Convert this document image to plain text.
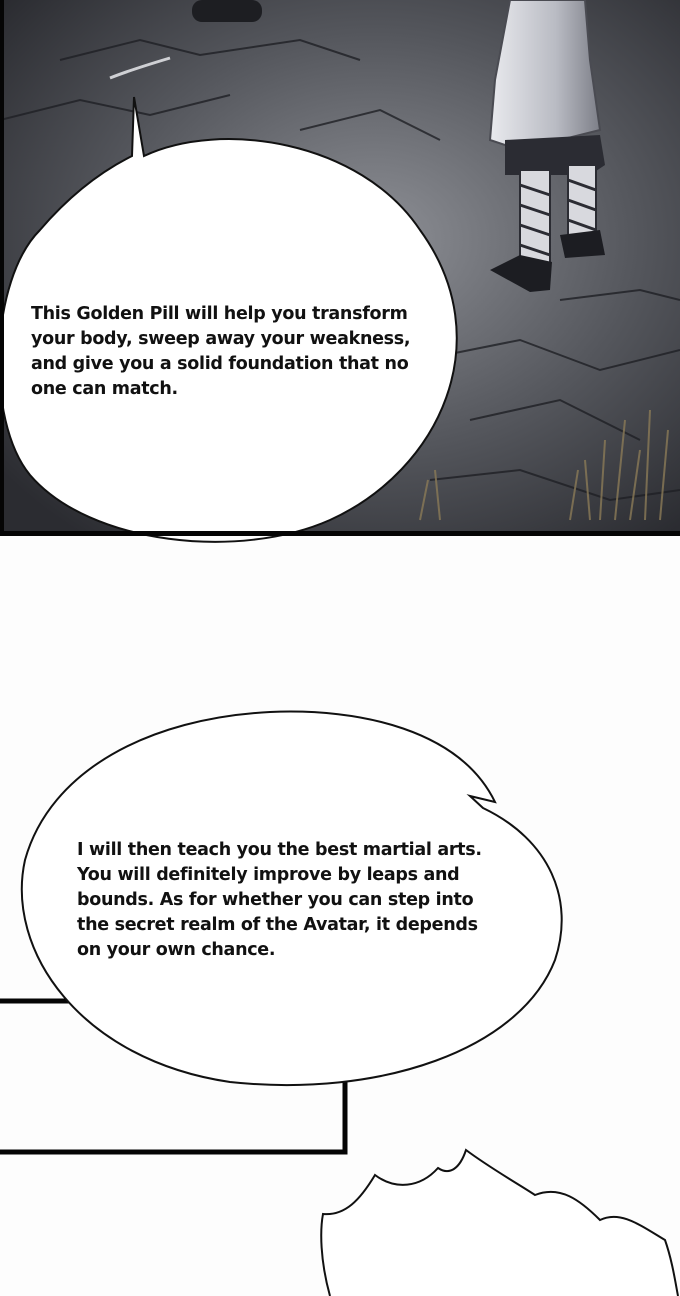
This Golden Pill will help you transform
your body, sweep away your weakness,
and give you a solid foundation that no
one can match.
I will then teach you the best martial arts.
You will definitely improve by leaps and
bounds. As for whether you can step into
the secret realm of the Avatar, it depends
on your own chance.
